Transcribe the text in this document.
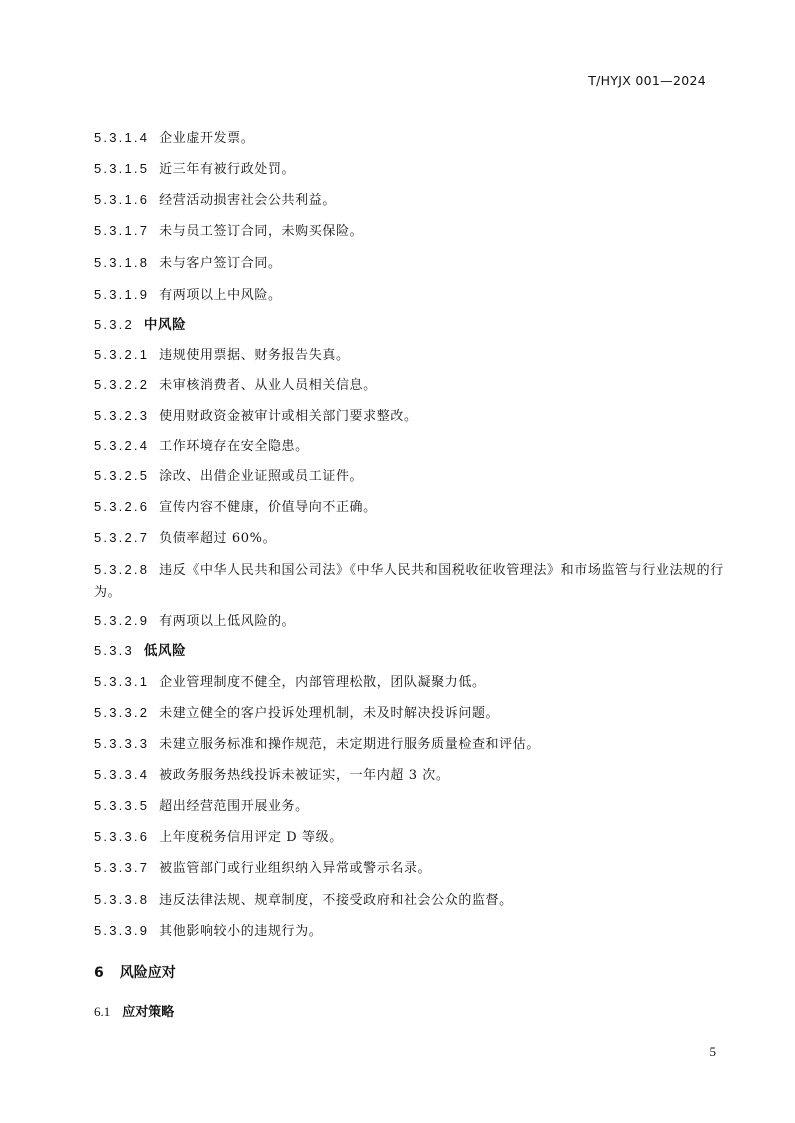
T/HYJX 001—2024
5.3.1.4 企业虚开发票。
5.3.1.5 近三年有被行政处罚。
5.3.1.6 经营活动损害社会公共利益。
5.3.1.7 未与员工签订合同，未购买保险。
5.3.1.8 未与客户签订合同。
5.3.1.9 有两项以上中风险。
5.3.2 中风险
5.3.2.1 违规使用票据、财务报告失真。
5.3.2.2 未审核消费者、从业人员相关信息。
5.3.2.3 使用财政资金被审计或相关部门要求整改。
5.3.2.4 工作环境存在安全隐患。
5.3.2.5 涂改、出借企业证照或员工证件。
5.3.2.6 宣传内容不健康，价值导向不正确。
5.3.2.7 负债率超过 60%。
5.3.2.8 违反《中华人民共和国公司法》《中华人民共和国税收征收管理法》和市场监管与行业法规的行为。
5.3.2.9 有两项以上低风险的。
5.3.3 低风险
5.3.3.1 企业管理制度不健全，内部管理松散，团队凝聚力低。
5.3.3.2 未建立健全的客户投诉处理机制，未及时解决投诉问题。
5.3.3.3 未建立服务标准和操作规范，未定期进行服务质量检查和评估。
5.3.3.4 被政务服务热线投诉未被证实，一年内超 3 次。
5.3.3.5 超出经营范围开展业务。
5.3.3.6 上年度税务信用评定 D 等级。
5.3.3.7 被监管部门或行业组织纳入异常或警示名录。
5.3.3.8 违反法律法规、规章制度，不接受政府和社会公众的监督。
5.3.3.9 其他影响较小的违规行为。
6 风险应对
6.1 应对策略
5
